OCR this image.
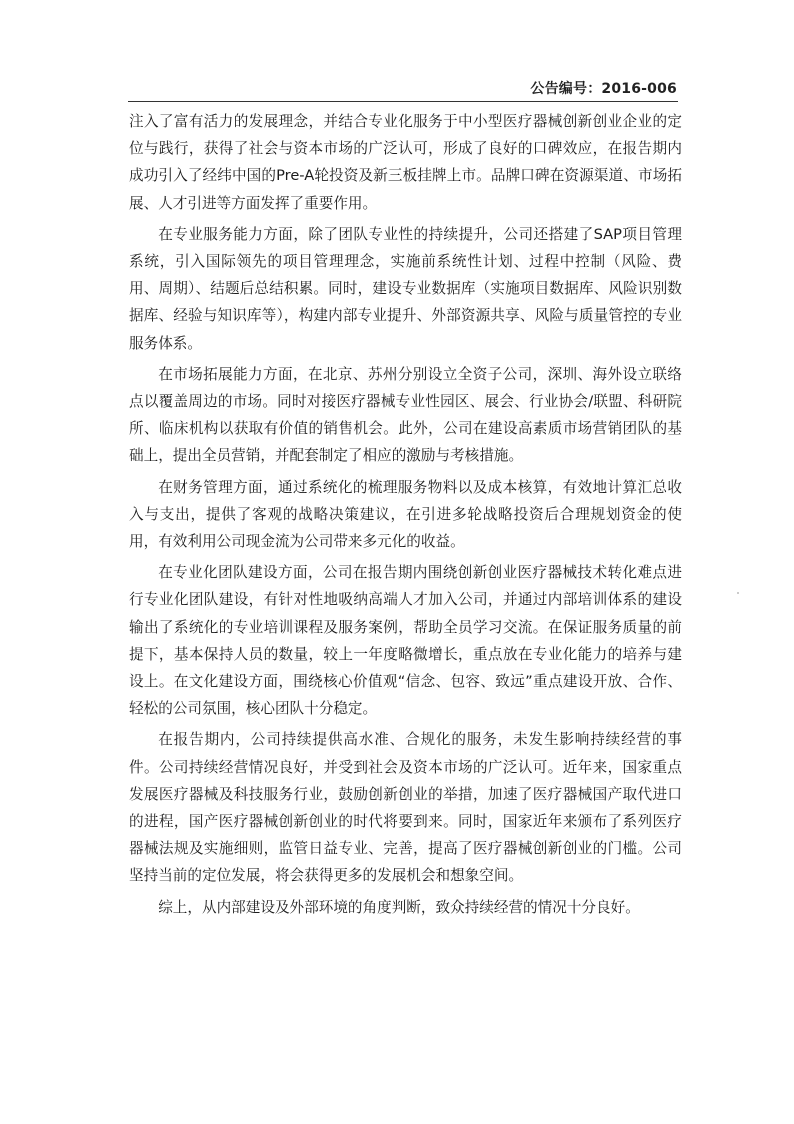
公告编号：2016-006

注入了富有活力的发展理念，并结合专业化服务于中小型医疗器械创新创业企业的定位与践行，获得了社会与资本市场的广泛认可，形成了良好的口碑效应，在报告期内成功引入了经纬中国的Pre-A轮投资及新三板挂牌上市。品牌口碑在资源渠道、市场拓展、人才引进等方面发挥了重要作用。

在专业服务能力方面，除了团队专业性的持续提升，公司还搭建了SAP项目管理系统，引入国际领先的项目管理理念，实施前系统性计划、过程中控制（风险、费用、周期）、结题后总结积累。同时，建设专业数据库（实施项目数据库、风险识别数据库、经验与知识库等），构建内部专业提升、外部资源共享、风险与质量管控的专业服务体系。

在市场拓展能力方面，在北京、苏州分别设立全资子公司，深圳、海外设立联络点以覆盖周边的市场。同时对接医疗器械专业性园区、展会、行业协会/联盟、科研院所、临床机构以获取有价值的销售机会。此外，公司在建设高素质市场营销团队的基础上，提出全员营销，并配套制定了相应的激励与考核措施。

在财务管理方面，通过系统化的梳理服务物料以及成本核算，有效地计算汇总收入与支出，提供了客观的战略决策建议，在引进多轮战略投资后合理规划资金的使用，有效利用公司现金流为公司带来多元化的收益。

在专业化团队建设方面，公司在报告期内围绕创新创业医疗器械技术转化难点进行专业化团队建设，有针对性地吸纳高端人才加入公司，并通过内部培训体系的建设输出了系统化的专业培训课程及服务案例，帮助全员学习交流。在保证服务质量的前提下，基本保持人员的数量，较上一年度略微增长，重点放在专业化能力的培养与建设上。在文化建设方面，围绕核心价值观“信念、包容、致远”重点建设开放、合作、轻松的公司氛围，核心团队十分稳定。

在报告期内，公司持续提供高水准、合规化的服务，未发生影响持续经营的事件。公司持续经营情况良好，并受到社会及资本市场的广泛认可。近年来，国家重点发展医疗器械及科技服务行业，鼓励创新创业的举措，加速了医疗器械国产取代进口的进程，国产医疗器械创新创业的时代将要到来。同时，国家近年来颁布了系列医疗器械法规及实施细则，监管日益专业、完善，提高了医疗器械创新创业的门槛。公司坚持当前的定位发展，将会获得更多的发展机会和想象空间。

综上，从内部建设及外部环境的角度判断，致众持续经营的情况十分良好。
